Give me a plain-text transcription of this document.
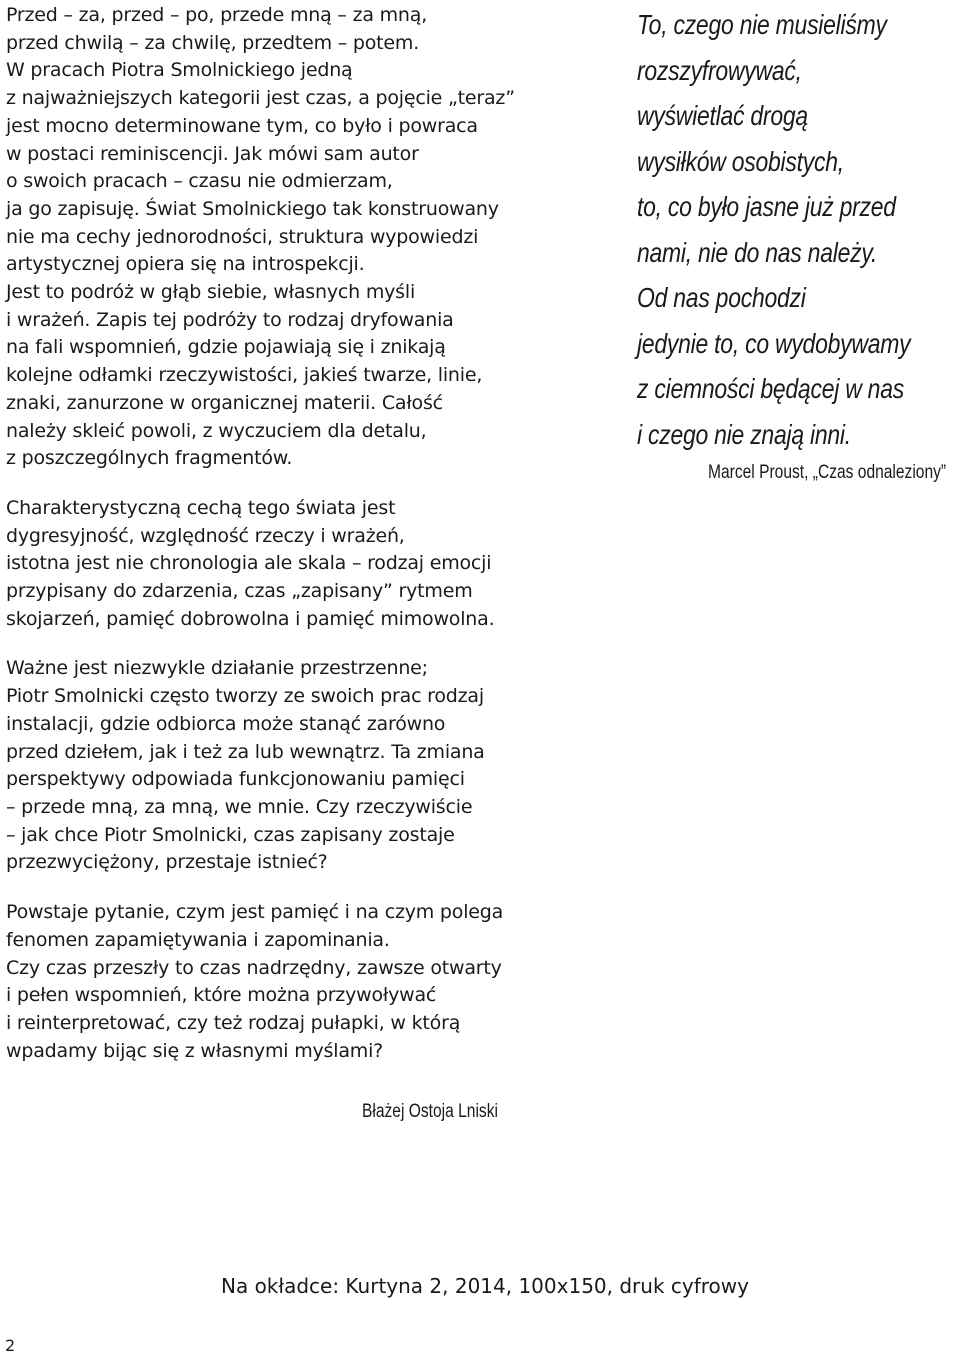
Przed – za, przed – po, przede mną – za mną,
przed chwilą – za chwilę, przedtem – potem.
W pracach Piotra Smolnickiego jedną
z najważniejszych kategorii jest czas, a pojęcie „teraz”
jest mocno determinowane tym, co było i powraca
w postaci reminiscencji. Jak mówi sam autor
o swoich pracach – czasu nie odmierzam,
ja go zapisuję. Świat Smolnickiego tak konstruowany
nie ma cechy jednorodności, struktura wypowiedzi
artystycznej opiera się na introspekcji.
Jest to podróż w głąb siebie, własnych myśli
i wrażeń. Zapis tej podróży to rodzaj dryfowania
na fali wspomnień, gdzie pojawiają się i znikają
kolejne odłamki rzeczywistości, jakieś twarze, linie,
znaki, zanurzone w organicznej materii. Całość
należy skleić powoli, z wyczuciem dla detalu,
z poszczególnych fragmentów.

Charakterystyczną cechą tego świata jest
dygresyjność, względność rzeczy i wrażeń,
istotna jest nie chronologia ale skala – rodzaj emocji
przypisany do zdarzenia, czas „zapisany” rytmem
skojarzeń, pamięć dobrowolna i pamięć mimowolna.

Ważne jest niezwykle działanie przestrzenne;
Piotr Smolnicki często tworzy ze swoich prac rodzaj
instalacji, gdzie odbiorca może stanąć zarówno
przed dziełem, jak i też za lub wewnątrz. Ta zmiana
perspektywy odpowiada funkcjonowaniu pamięci
– przede mną, za mną, we mnie. Czy rzeczywiście
– jak chce Piotr Smolnicki, czas zapisany zostaje
przezwyciężony, przestaje istnieć?

Powstaje pytanie, czym jest pamięć i na czym polega
fenomen zapamiętywania i zapominania.
Czy czas przeszły to czas nadrzędny, zawsze otwarty
i pełen wspomnień, które można przywoływać
i reinterpretować, czy też rodzaj pułapki, w którą
wpadamy bijąc się z własnymi myślami?

To, czego nie musieliśmy
rozszyfrowywać,
wyświetlać drogą
wysiłków osobistych,
to, co było jasne już przed
nami, nie do nas należy.
Od nas pochodzi
jedynie to, co wydobywamy
z ciemności będącej w nas
i czego nie znają inni.

Marcel Proust, „Czas odnaleziony”
Błażej Ostoja Lniski
Na okładce: Kurtyna 2, 2014, 100x150, druk cyfrowy
2
